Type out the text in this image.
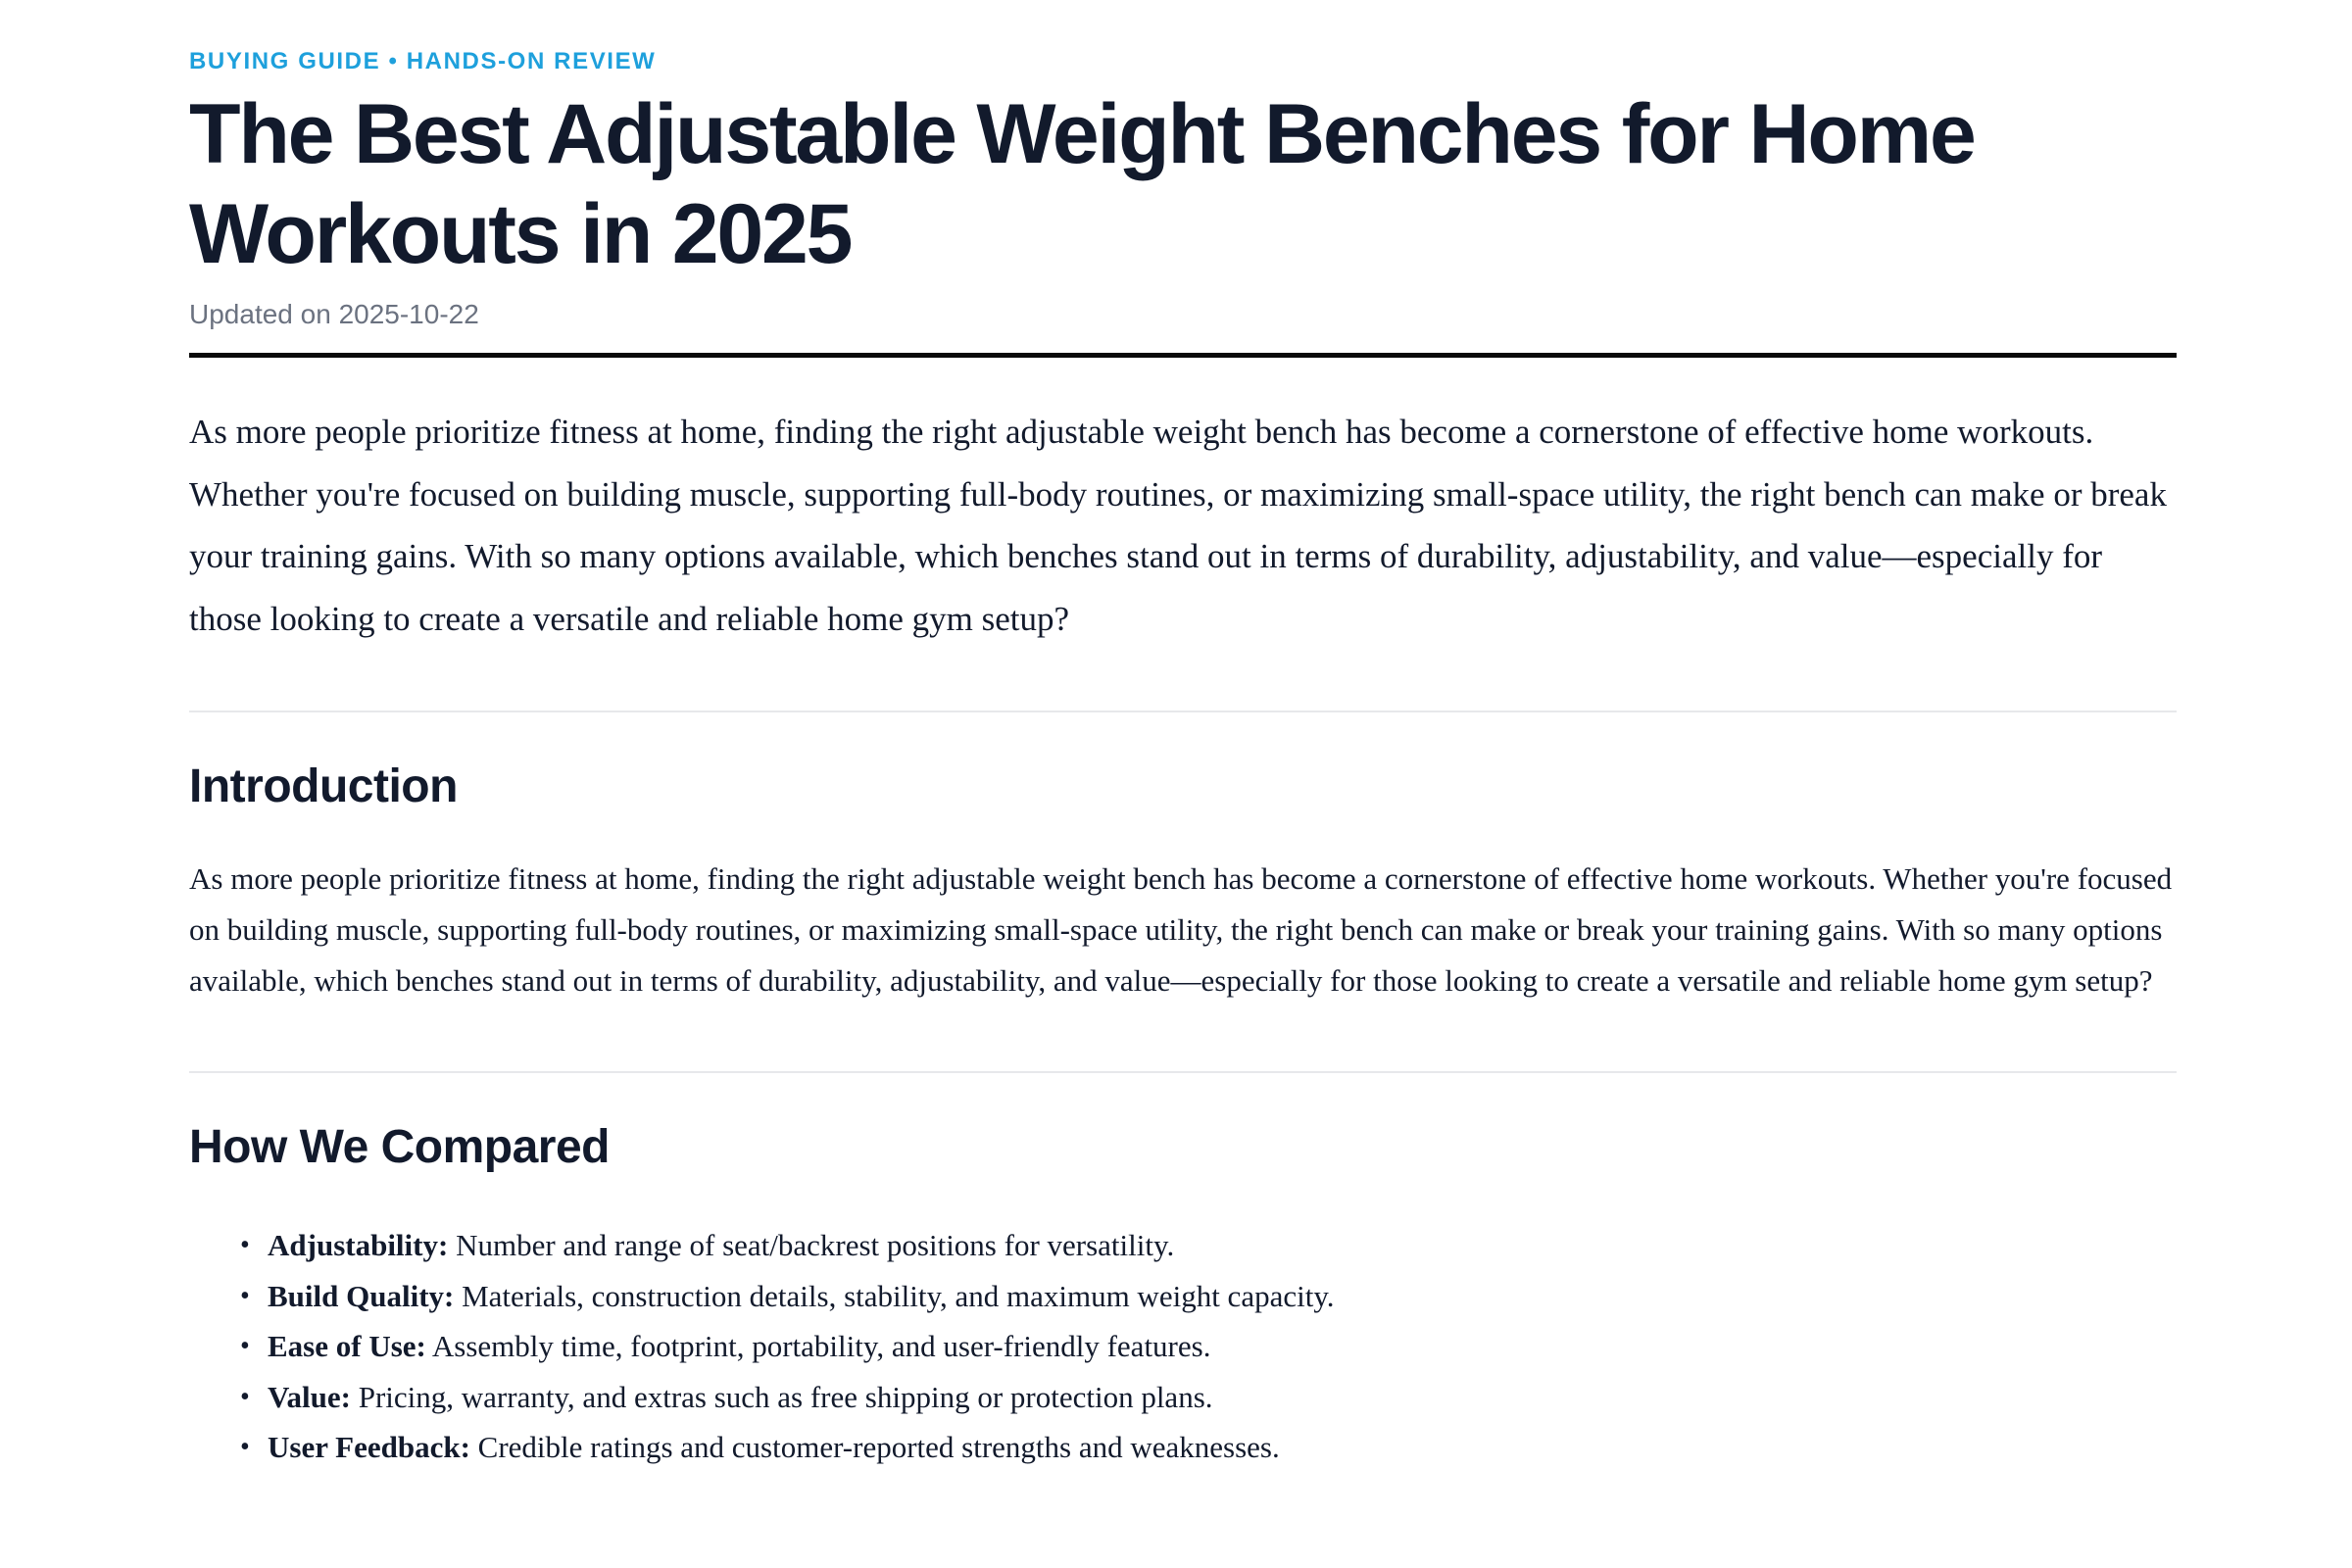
BUYING GUIDE • HANDS-ON REVIEW
The Best Adjustable Weight Benches for Home Workouts in 2025
Updated on 2025-10-22

As more people prioritize fitness at home, finding the right adjustable weight bench has become a cornerstone of effective home workouts. Whether you're focused on building muscle, supporting full-body routines, or maximizing small-space utility, the right bench can make or break your training gains. With so many options available, which benches stand out in terms of durability, adjustability, and value—especially for those looking to create a versatile and reliable home gym setup?

Introduction

As more people prioritize fitness at home, finding the right adjustable weight bench has become a cornerstone of effective home workouts. Whether you're focused on building muscle, supporting full-body routines, or maximizing small-space utility, the right bench can make or break your training gains. With so many options available, which benches stand out in terms of durability, adjustability, and value—especially for those looking to create a versatile and reliable home gym setup?

How We Compared
• Adjustability: Number and range of seat/backrest positions for versatility.
• Build Quality: Materials, construction details, stability, and maximum weight capacity.
• Ease of Use: Assembly time, footprint, portability, and user-friendly features.
• Value: Pricing, warranty, and extras such as free shipping or protection plans.
• User Feedback: Credible ratings and customer-reported strengths and weaknesses.
